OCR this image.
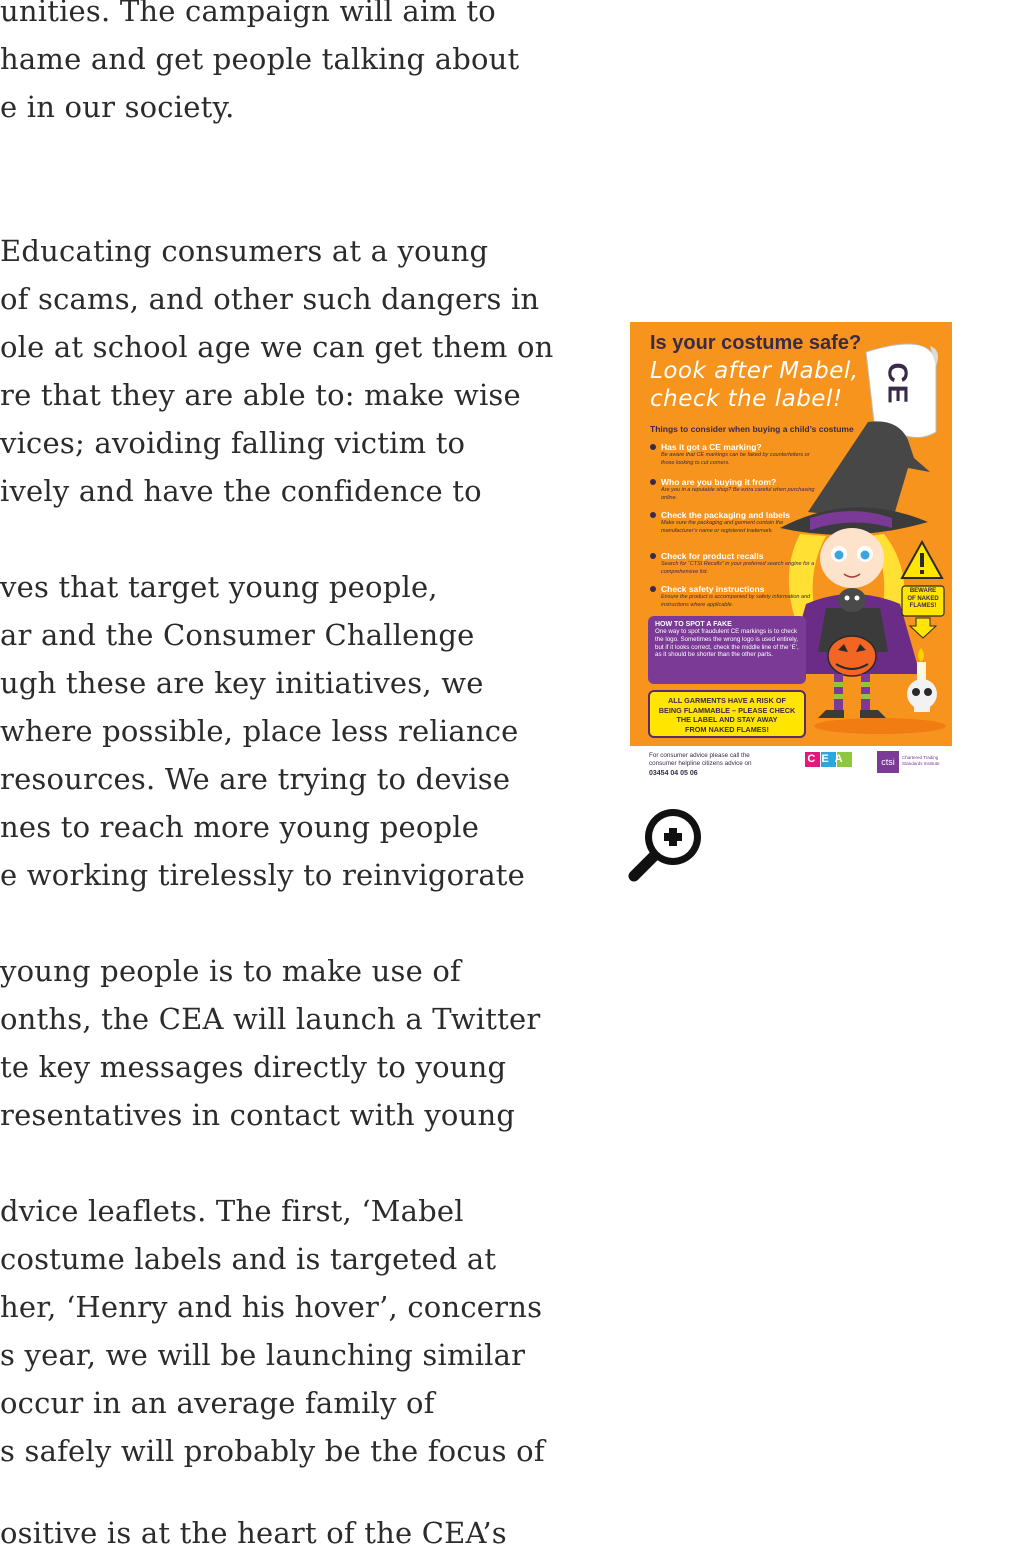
unities. The campaign will aim to
hame and get people talking about
e in our society.
Educating consumers at a young
of scams, and other such dangers in
ole at school age we can get them on
re that they are able to: make wise
vices; avoiding falling victim to
ively and have the confidence to
ves that target young people,
ar and the Consumer Challenge
ugh these are key initiatives, we
where possible, place less reliance
resources. We are trying to devise
nes to reach more young people
e working tirelessly to reinvigorate
young people is to make use of
onths, the CEA will launch a Twitter
te key messages directly to young
resentatives in contact with young
dvice leaflets. The first, ‘Mabel
costume labels and is targeted at
her, ‘Henry and his hover’, concerns
s year, we will be launching similar
occur in an average family of
s safely will probably be the focus of
ositive is at the heart of the CEA’s
Is your costume safe?
Look after Mabel,
check the label! CE
Things to consider when buying a child’s costume
Has it got a CE marking?
Be aware that CE markings can be faked by counterfeiters or those looking to cut corners.
Who are you buying it from?
Are you in a reputable shop? Be extra careful when purchasing online.
Check the packaging and labels
Make sure the packaging and garment contain the manufacturer’s name or registered trademark.
Check for product recalls
Search for “CTSI Recalls” in your preferred search engine for a comprehensive list.
Check safety instructions
Ensure the product is accompanied by safety information and instructions where applicable.
BEWARE
OF NAKED
FLAMES!
HOW TO SPOT A FAKE
One way to spot fraudulent CE markings is to check the logo. Sometimes the wrong logo is used entirely, but if it looks correct, check the middle line of the ‘E’, as it should be shorter than the other parts.
ALL GARMENTS HAVE A RISK OF
BEING FLAMMABLE – PLEASE CHECK
THE LABEL AND STAY AWAY
FROM NAKED FLAMES!
For consumer advice please call the consumer helpline citizens advice on
03454 04 05 06
CEA	ctsi	Chartered Trading Standards Institute
